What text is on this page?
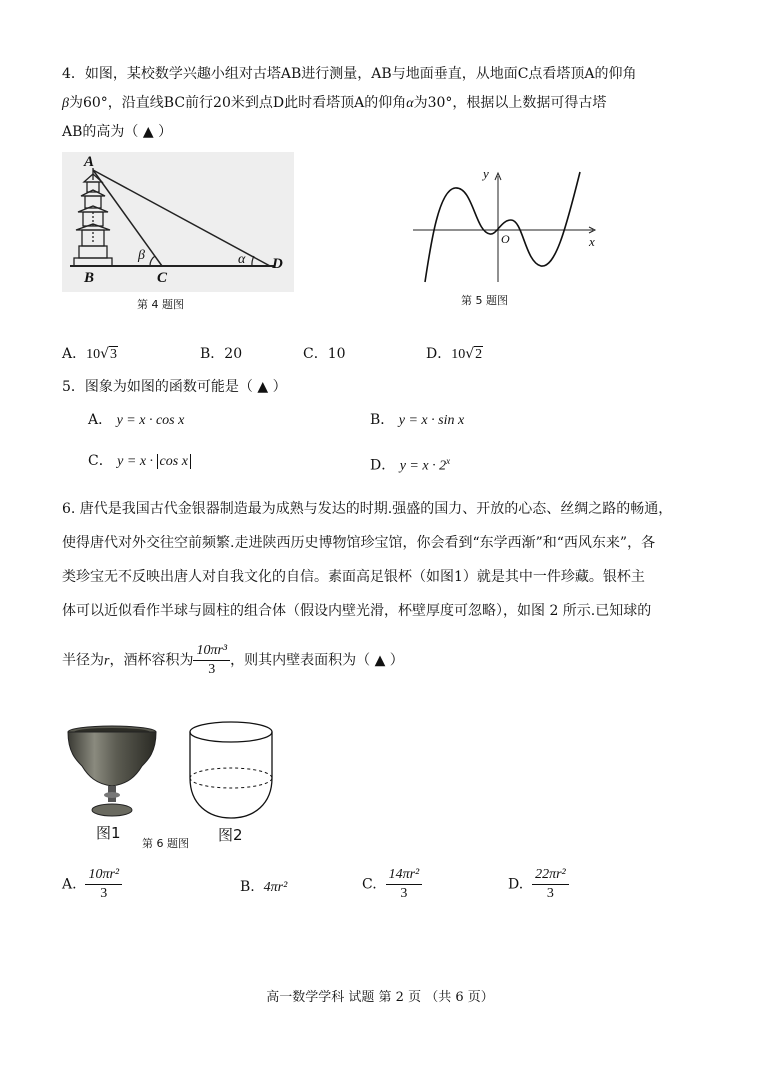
4．如图，某校数学兴趣小组对古塔AB进行测量，AB与地面垂直，从地面C点看塔顶A的仰角
β为60°，沿直线BC前行20米到点D此时看塔顶A的仰角α为30°，根据以上数据可得古塔
AB的高为（ ▲ ）
A
B	C
D
β	α
第 4 题图
y
x
O
第 5 题图
A．10√3	B．20	C．10	D．10√2
5．图象为如图的函数可能是（ ▲ ）
A． y = x · cos x	B． y = x · sin x
C． y = x · cos x	D． $y = x \cdot 2^x$
6. 唐代是我国古代金银器制造最为成熟与发达的时期.强盛的国力、开放的心态、丝绸之路的畅通，
使得唐代对外交往空前频繁.走进陕西历史博物馆珍宝馆，你会看到“东学西渐”和“西风东来”，各
类珍宝无不反映出唐人对自我文化的自信。素面高足银杯（如图1）就是其中一件珍藏。银杯主
体可以近似看作半球与圆柱的组合体（假设内壁光滑，杯壁厚度可忽略），如图 2 所示.已知球的
半径为r，酒杯容积为 $\frac{\text{10πr³}}{3}$ ，则其内壁表面积为（ ▲ ）
图1	图2
第 6 题图
A. $\frac{\text{10πr²}}{3}$	B. 4πr²	C. $\frac{\text{14πr²}}{3}$	D. $\frac{\text{22πr²}}{3}$
高一数学学科 试题 第 2 页 （共 6 页）
